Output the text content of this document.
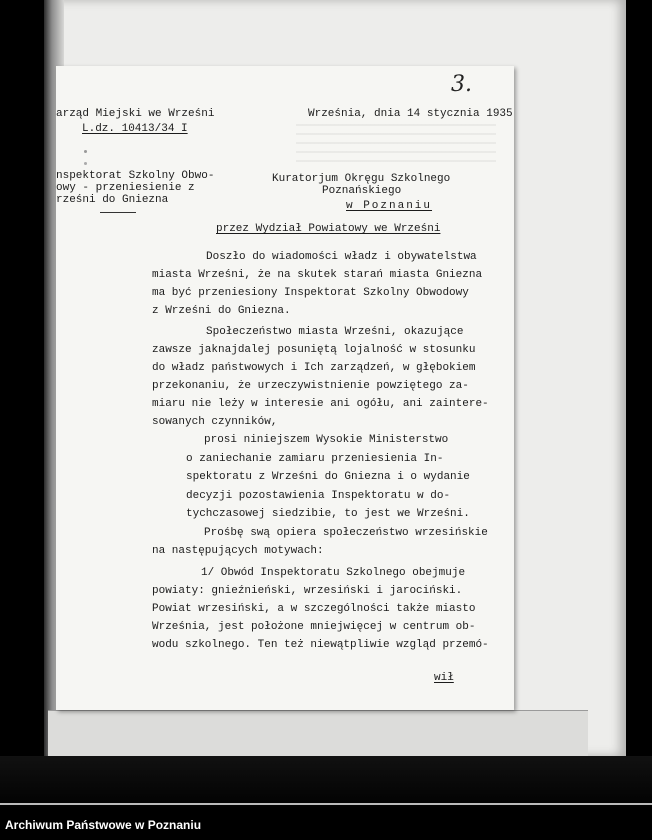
3.
arząd Miejski we Wrześni
L.dz. 10413/34 I
Września, dnia 14 stycznia 1935
nspektorat Szkolny Obwo-
owy - przeniesienie z
rześni do Gniezna
Kuratorjum Okręgu Szkolnego
Poznańskiego
w Poznaniu
przez Wydział Powiatowy we Wrześni
Doszło do wiadomości władz i obywatelstwa
miasta Wrześni, że na skutek starań miasta Gniezna
ma być przeniesiony Inspektorat Szkolny Obwodowy
z Wrześni do Gniezna.
Społeczeństwo miasta Wrześni, okazujące
zawsze jaknajdalej posuniętą lojalność w stosunku
do władz państwowych i Ich zarządzeń, w głębokiem
przekonaniu, że urzeczywistnienie powziętego za-
miaru nie leży w interesie ani ogółu, ani zaintere-
sowanych czynników,
prosi niniejszem Wysokie Ministerstwo
o zaniechanie zamiaru przeniesienia In-
spektoratu z Wrześni do Gniezna i o wydanie
decyzji pozostawienia Inspektoratu w do-
tychczasowej siedzibie, to jest we Wrześni.
Prośbę swą opiera społeczeństwo wrzesińskie
na następujących motywach:
1/ Obwód Inspektoratu Szkolnego obejmuje
powiaty: gnieźnieński, wrzesiński i jarociński.
Powiat wrzesiński, a w szczególności także miasto
Września, jest położone mniejwięcej w centrum ob-
wodu szkolnego. Ten też niewątpliwie wzgląd przemó-
wił
Archiwum Państwowe w Poznaniu
